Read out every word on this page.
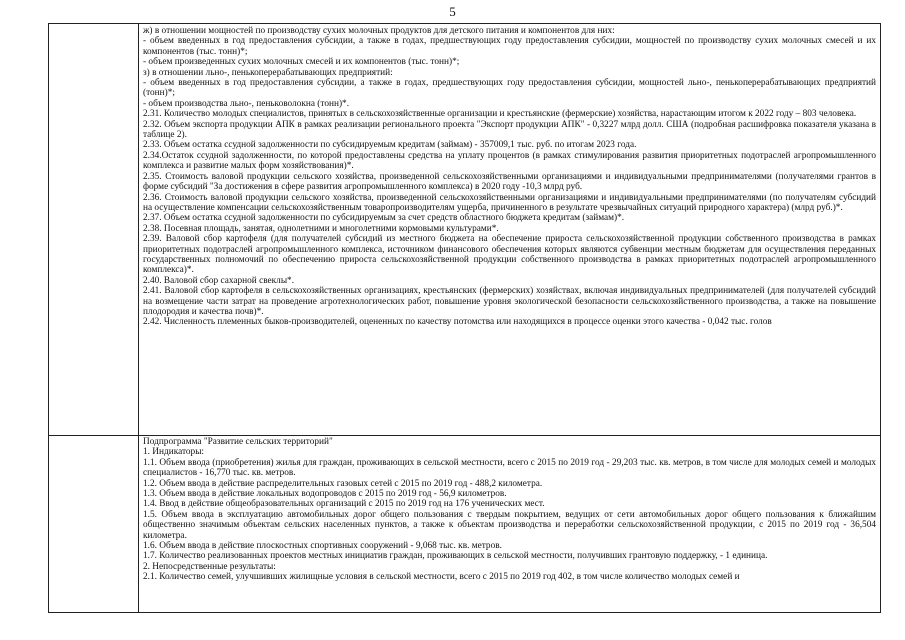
5

ж) в отношении мощностей по производству сухих молочных продуктов для детского питания и компонентов для них:

- объем введенных в год предоставления субсидии, а также в годах, предшествующих году предоставления субсидии, мощностей по производству сухих молочных смесей и их компонентов (тыс. тонн)*;

- объем произведенных сухих молочных смесей и их компонентов (тыс. тонн)*;

з) в отношении льно-, пенькоперерабатывающих предприятий:

- объем введенных в год предоставления субсидии, а также в годах, предшествующих году предоставления субсидии, мощностей льно-, пенькоперерабатывающих предприятий (тонн)*;

- объем производства льно-, пеньковолокна (тонн)*.

2.31. Количество молодых специалистов, принятых в сельскохозяйственные организации и крестьянские (фермерские) хозяйства, нарастающим итогом к 2022 году – 803 человека.

2.32. Объем экспорта продукции АПК в рамках реализации регионального проекта "Экспорт продукции АПК" - 0,3227 млрд долл. США (подробная расшифровка показателя указана в таблице 2).

2.33. Объем остатка ссудной задолженности по субсидируемым кредитам (займам) - 357009,1 тыс. руб. по итогам 2023 года.

2.34.Остаток ссудной задолженности, по которой предоставлены средства на уплату процентов (в рамках стимулирования развития приоритетных подотраслей агропромышленного комплекса и развитие малых форм хозяйствования)*.

2.35. Стоимость валовой продукции сельского хозяйства, произведенной сельскохозяйственными организациями и индивидуальными предпринимателями (получателями грантов в форме субсидий "За достижения в сфере развития агропромышленного комплекса) в 2020 году -10,3 млрд руб.

2.36. Стоимость валовой продукции сельского хозяйства, произведенной сельскохозяйственными организациями и индивидуальными предпринимателями (по получателям субсидий на осуществление компенсации сельскохозяйственным товаропроизводителям ущерба, причиненного в результате чрезвычайных ситуаций природного характера) (млрд руб.)*.

2.37. Объем остатка ссудной задолженности по субсидируемым за счет средств областного бюджета кредитам (займам)*.

2.38. Посевная площадь, занятая, однолетними и многолетними кормовыми культурами*.

2.39. Валовой сбор картофеля (для получателей субсидий из местного бюджета на обеспечение прироста сельскохозяйственной продукции собственного производства в рамках приоритетных подотраслей агропромышленного комплекса, источником финансового обеспечения которых являются субвенции местным бюджетам для осуществления переданных государственных полномочий по обеспечению прироста сельскохозяйственной продукции собственного производства в рамках приоритетных подотраслей агропромышленного комплекса)*.

2.40. Валовой сбор сахарной свеклы*.

2.41. Валовой сбор картофеля в сельскохозяйственных организациях, крестьянских (фермерских) хозяйствах, включая индивидуальных предпринимателей (для получателей субсидий на возмещение части затрат на проведение агротехнологических работ, повышение уровня экологической безопасности сельскохозяйственного производства, а также на повышение плодородия и качества почв)*.

2.42. Численность племенных быков-производителей, оцененных по качеству потомства или находящихся в процессе оценки этого качества - 0,042 тыс. голов

Подпрограмма "Развитие сельских территорий"

1. Индикаторы:

1.1. Объем ввода (приобретения) жилья для граждан, проживающих в сельской местности, всего с 2015 по 2019 год - 29,203 тыс. кв. метров, в том числе для молодых семей и молодых специалистов - 16,770 тыс. кв. метров.

1.2. Объем ввода в действие распределительных газовых сетей с 2015 по 2019 год - 488,2 километра.

1.3. Объем ввода в действие локальных водопроводов с 2015 по 2019 год - 56,9 километров.

1.4. Ввод в действие общеобразовательных организаций с 2015 по 2019 год на 176 ученических мест.

1.5. Объем ввода в эксплуатацию автомобильных дорог общего пользования с твердым покрытием, ведущих от сети автомобильных дорог общего пользования к ближайшим общественно значимым объектам сельских населенных пунктов, а также к объектам производства и переработки сельскохозяйственной продукции, с 2015 по 2019 год - 36,504 километра.

1.6. Объем ввода в действие плоскостных спортивных сооружений - 9,068 тыс. кв. метров.

1.7. Количество реализованных проектов местных инициатив граждан, проживающих в сельской местности, получивших грантовую поддержку, - 1 единица.

2. Непосредственные результаты:

2.1. Количество семей, улучшивших жилищные условия в сельской местности, всего с 2015 по 2019 год 402, в том числе количество молодых семей и
